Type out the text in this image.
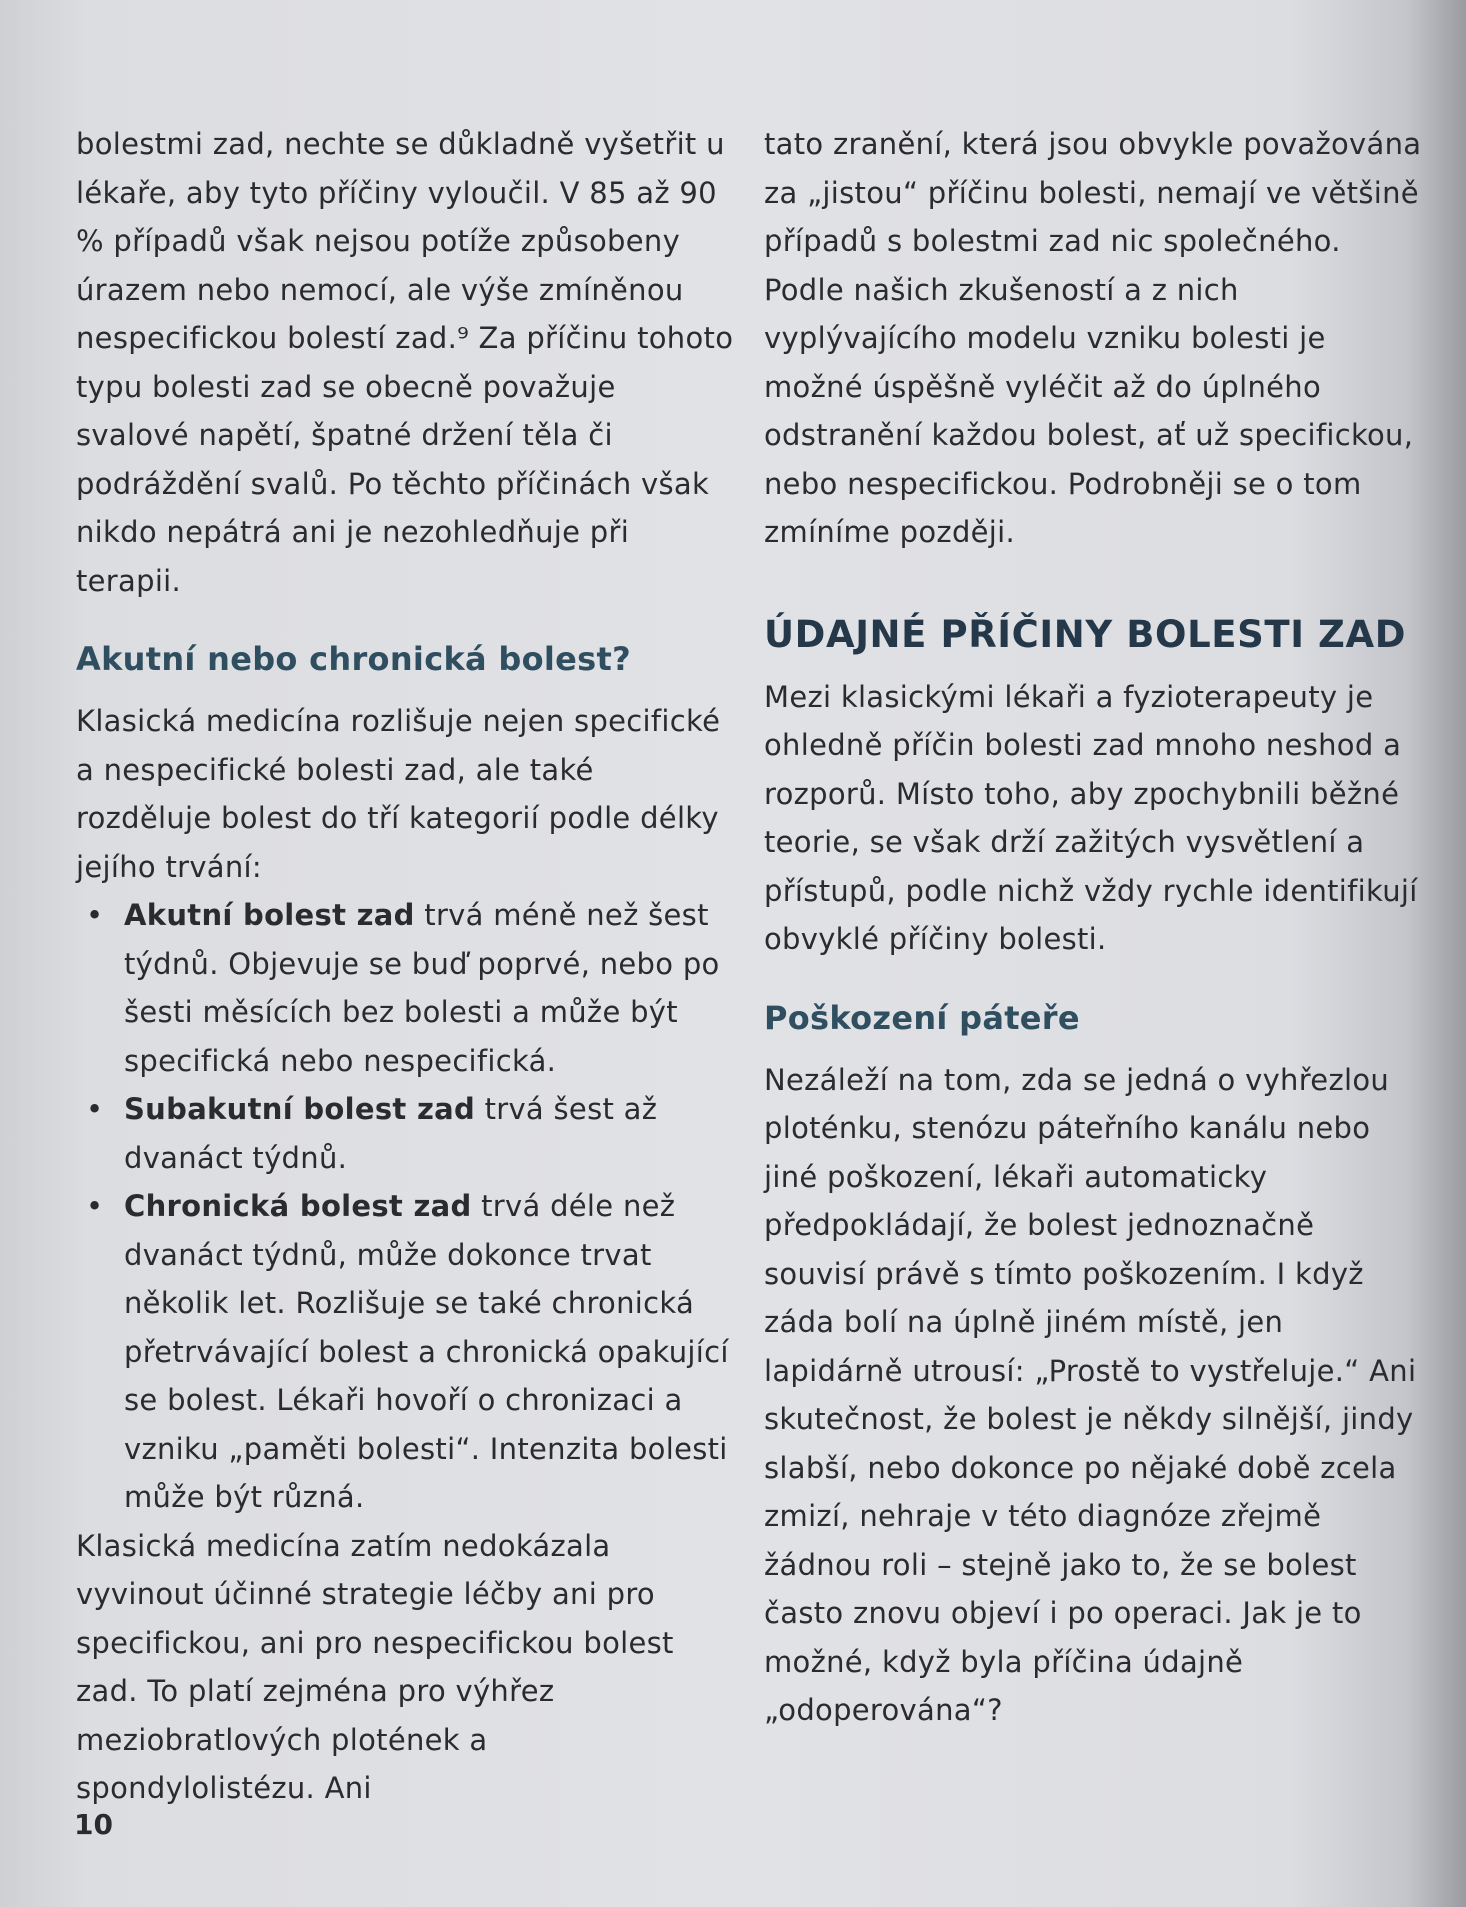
bolestmi zad, nechte se důkladně vyšetřit u lékaře, aby tyto příčiny vyloučil. V 85 až 90 % případů však nejsou potíže způsobeny úrazem nebo nemocí, ale výše zmíněnou nespecifickou bolestí zad.⁹ Za příčinu tohoto typu bolesti zad se obecně považuje svalové napětí, špatné držení těla či podráždění svalů. Po těchto příčinách však nikdo nepátrá ani je nezohledňuje při terapii.

Akutní nebo chronická bolest?

Klasická medicína rozlišuje nejen specifické a nespecifické bolesti zad, ale také rozděluje bolest do tří kategorií podle délky jejího trvání:

• Akutní bolest zad trvá méně než šest týdnů. Objevuje se buď poprvé, nebo po šesti měsících bez bolesti a může být specifická nebo nespecifická.
• Subakutní bolest zad trvá šest až dvanáct týdnů.
• Chronická bolest zad trvá déle než dvanáct týdnů, může dokonce trvat několik let. Rozlišuje se také chronická přetrvávající bolest a chronická opakující se bolest. Lékaři hovoří o chronizaci a vzniku „paměti bolesti“. Intenzita bolesti může být různá.

Klasická medicína zatím nedokázala vyvinout účinné strategie léčby ani pro specifickou, ani pro nespecifickou bolest zad. To platí zejména pro výhřez meziobratlových plotének a spondylolistézu. Ani

tato zranění, která jsou obvykle považována za „jistou“ příčinu bolesti, nemají ve většině případů s bolestmi zad nic společného. Podle našich zkušeností a z nich vyplývajícího modelu vzniku bolesti je možné úspěšně vyléčit až do úplného odstranění každou bolest, ať už specifickou, nebo nespecifickou. Podrobněji se o tom zmíníme později.

ÚDAJNÉ PŘÍČINY BOLESTI ZAD

Mezi klasickými lékaři a fyzioterapeuty je ohledně příčin bolesti zad mnoho neshod a rozporů. Místo toho, aby zpochybnili běžné teorie, se však drží zažitých vysvětlení a přístupů, podle nichž vždy rychle identifikují obvyklé příčiny bolesti.

Poškození páteře

Nezáleží na tom, zda se jedná o vyhřezlou ploténku, stenózu páteřního kanálu nebo jiné poškození, lékaři automaticky předpokládají, že bolest jednoznačně souvisí právě s tímto poškozením. I když záda bolí na úplně jiném místě, jen lapidárně utrousí: „Prostě to vystřeluje.“ Ani skutečnost, že bolest je někdy silnější, jindy slabší, nebo dokonce po nějaké době zcela zmizí, nehraje v této diagnóze zřejmě žádnou roli – stejně jako to, že se bolest často znovu objeví i po operaci. Jak je to možné, když byla příčina údajně „odoperována“?

10
